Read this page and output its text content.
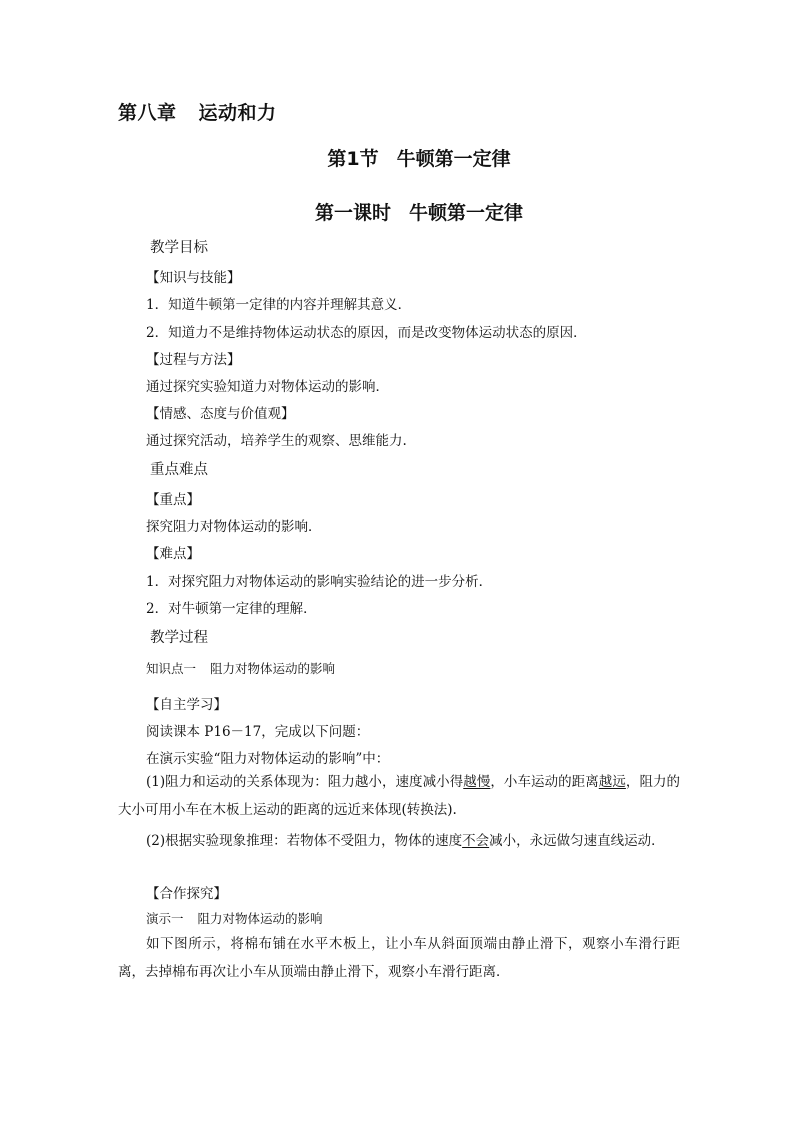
第八章 运动和力
第1节 牛顿第一定律
第一课时 牛顿第一定律
教学目标
【知识与技能】
1．知道牛顿第一定律的内容并理解其意义．
2．知道力不是维持物体运动状态的原因，而是改变物体运动状态的原因．
【过程与方法】
通过探究实验知道力对物体运动的影响．
【情感、态度与价值观】
通过探究活动，培养学生的观察、思维能力.
重点难点
【重点】
探究阻力对物体运动的影响．
【难点】
1．对探究阻力对物体运动的影响实验结论的进一步分析．
2．对牛顿第一定律的理解．
教学过程
知识点一 阻力对物体运动的影响
【自主学习】
阅读课本 P16－17，完成以下问题：
在演示实验“阻力对物体运动的影响”中：
(1)阻力和运动的关系体现为：阻力越小，速度减小得越慢，小车运动的距离越远，阻力的大小可用小车在木板上运动的距离的远近来体现(转换法).
(2)根据实验现象推理：若物体不受阻力，物体的速度不会减小，永远做匀速直线运动．
【合作探究】
演示一 阻力对物体运动的影响
如下图所示，将棉布铺在水平木板上，让小车从斜面顶端由静止滑下，观察小车滑行距离，去掉棉布再次让小车从顶端由静止滑下，观察小车滑行距离．
